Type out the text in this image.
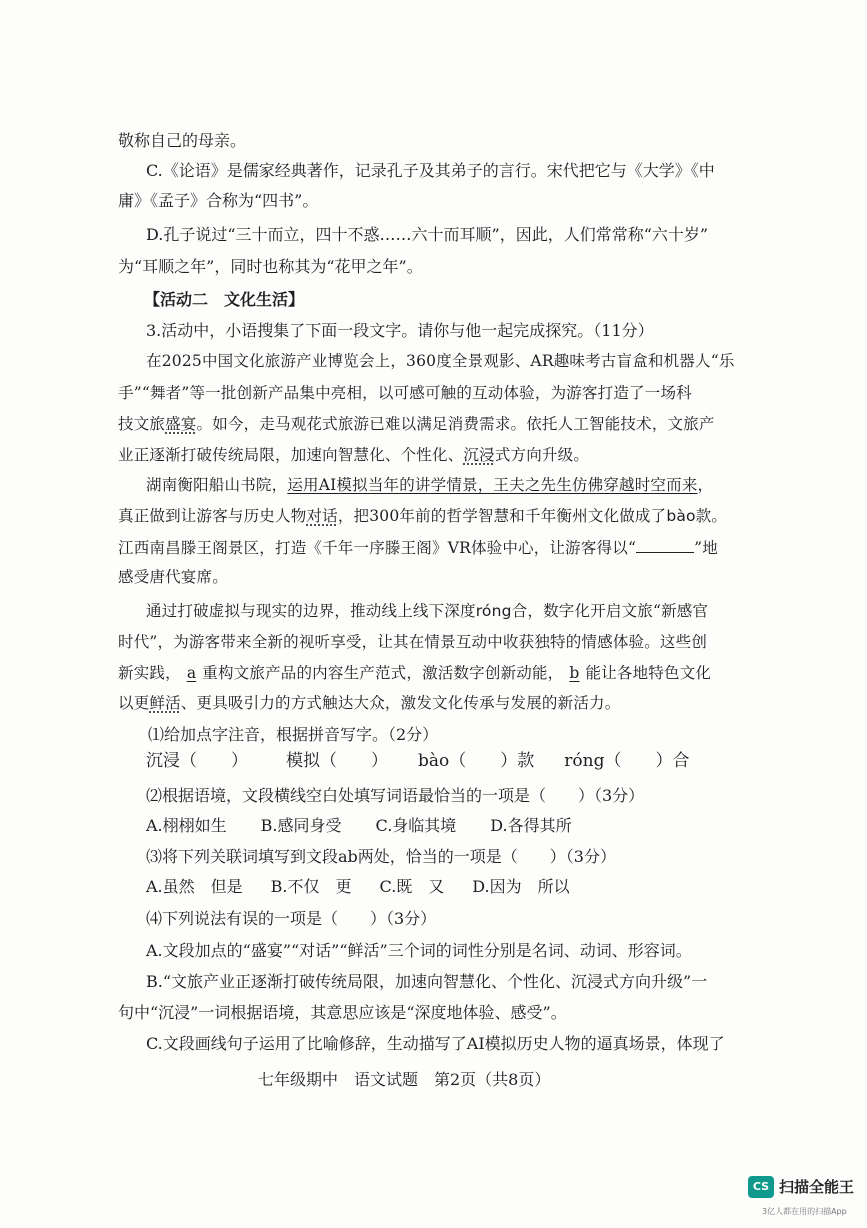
敬称自己的母亲。
C.《论语》是儒家经典著作，记录孔子及其弟子的言行。宋代把它与《大学》《中
庸》《孟子》合称为“四书”。
D.孔子说过“三十而立，四十不惑……六十而耳顺”，因此，人们常常称“六十岁”
为“耳顺之年”，同时也称其为“花甲之年”。
【活动二　文化生活】
3.活动中，小语搜集了下面一段文字。请你与他一起完成探究。（11分）
在2025中国文化旅游产业博览会上，360度全景观影、AR趣味考古盲盒和机器人“乐
手”“舞者”等一批创新产品集中亮相，以可感可触的互动体验，为游客打造了一场科
技文旅盛宴。如今，走马观花式旅游已难以满足消费需求。依托人工智能技术，文旅产
业正逐渐打破传统局限，加速向智慧化、个性化、沉浸式方向升级。
湖南衡阳船山书院，运用AI模拟当年的讲学情景，王夫之先生仿佛穿越时空而来，
真正做到让游客与历史人物对话，把300年前的哲学智慧和千年衡州文化做成了bào款。
江西南昌滕王阁景区，打造《千年一序滕王阁》VR体验中心，让游客得以“	”地
感受唐代宴席。
通过打破虚拟与现实的边界，推动线上线下深度róng合，数字化开启文旅“新感官
时代”，为游客带来全新的视听享受，让其在情景互动中收获独特的情感体验。这些创
新实践， a 重构文旅产品的内容生产范式，激活数字创新动能， b 能让各地特色文化
以更鲜活、更具吸引力的方式触达大众，激发文化传承与发展的新活力。
⑴给加点字注音，根据拼音写字。（2分）
沉浸（　　） 模拟（　　） bào（　　）款 róng（　　）合
⑵根据语境，文段横线空白处填写词语最恰当的一项是（　　）（3分）
A.栩栩如生 B.感同身受 C.身临其境 D.各得其所
⑶将下列关联词填写到文段ab两处，恰当的一项是（　　）（3分）
A.虽然　但是 B.不仅　更 C.既　又 D.因为　所以
⑷下列说法有误的一项是（　　）（3分）
A.文段加点的“盛宴”“对话”“鲜活”三个词的词性分别是名词、动词、形容词。
B.“文旅产业正逐渐打破传统局限，加速向智慧化、个性化、沉浸式方向升级”一
句中“沉浸”一词根据语境，其意思应该是“深度地体验、感受”。
C.文段画线句子运用了比喻修辞，生动描写了AI模拟历史人物的逼真场景，体现了
七年级期中　语文试题　第2页（共8页）
CS 扫描全能王
3亿人都在用的扫描App
